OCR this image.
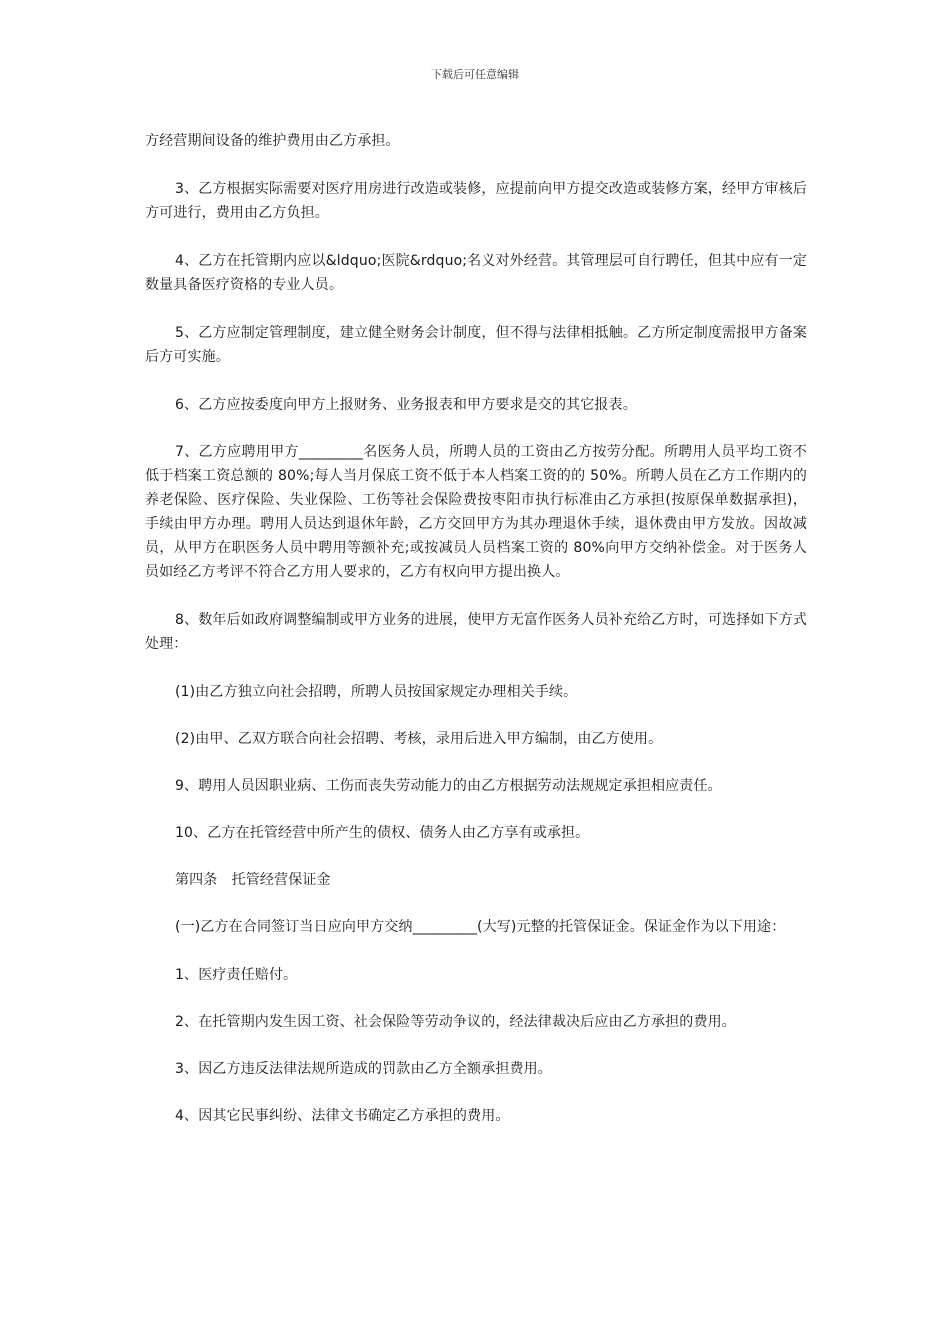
下载后可任意编辑

方经营期间设备的维护费用由乙方承担。

3、乙方根据实际需要对医疗用房进行改造或装修，应提前向甲方提交改造或装修方案，经甲方审核后方可进行，费用由乙方负担。

4、乙方在托管期内应以&ldquo;医院&rdquo;名义对外经营。其管理层可自行聘任，但其中应有一定数量具备医疗资格的专业人员。

5、乙方应制定管理制度，建立健全财务会计制度，但不得与法律相抵触。乙方所定制度需报甲方备案后方可实施。

6、乙方应按委度向甲方上报财务、业务报表和甲方要求是交的其它报表。

7、乙方应聘用甲方_________名医务人员，所聘人员的工资由乙方按劳分配。所聘用人员平均工资不低于档案工资总额的 80%;每人当月保底工资不低于本人档案工资的的 50%。所聘人员在乙方工作期内的养老保险、医疗保险、失业保险、工伤等社会保险费按枣阳市执行标准由乙方承担(按原保单数据承担)，手续由甲方办理。聘用人员达到退休年龄，乙方交回甲方为其办理退休手续，退休费由甲方发放。因故减员，从甲方在职医务人员中聘用等额补充;或按减员人员档案工资的 80%向甲方交纳补偿金。对于医务人员如经乙方考评不符合乙方用人要求的，乙方有权向甲方提出换人。

8、数年后如政府调整编制或甲方业务的进展，使甲方无富作医务人员补充给乙方时，可选择如下方式处理：

(1)由乙方独立向社会招聘，所聘人员按国家规定办理相关手续。

(2)由甲、乙双方联合向社会招聘、考核，录用后进入甲方编制，由乙方使用。

9、聘用人员因职业病、工伤而丧失劳动能力的由乙方根据劳动法规规定承担相应责任。

10、乙方在托管经营中所产生的债权、债务人由乙方享有或承担。

第四条　托管经营保证金

(一)乙方在合同签订当日应向甲方交纳_________(大写)元整的托管保证金。保证金作为以下用途：

1、医疗责任赔付。

2、在托管期内发生因工资、社会保险等劳动争议的，经法律裁决后应由乙方承担的费用。

3、因乙方违反法律法规所造成的罚款由乙方全额承担费用。

4、因其它民事纠纷、法律文书确定乙方承担的费用。
